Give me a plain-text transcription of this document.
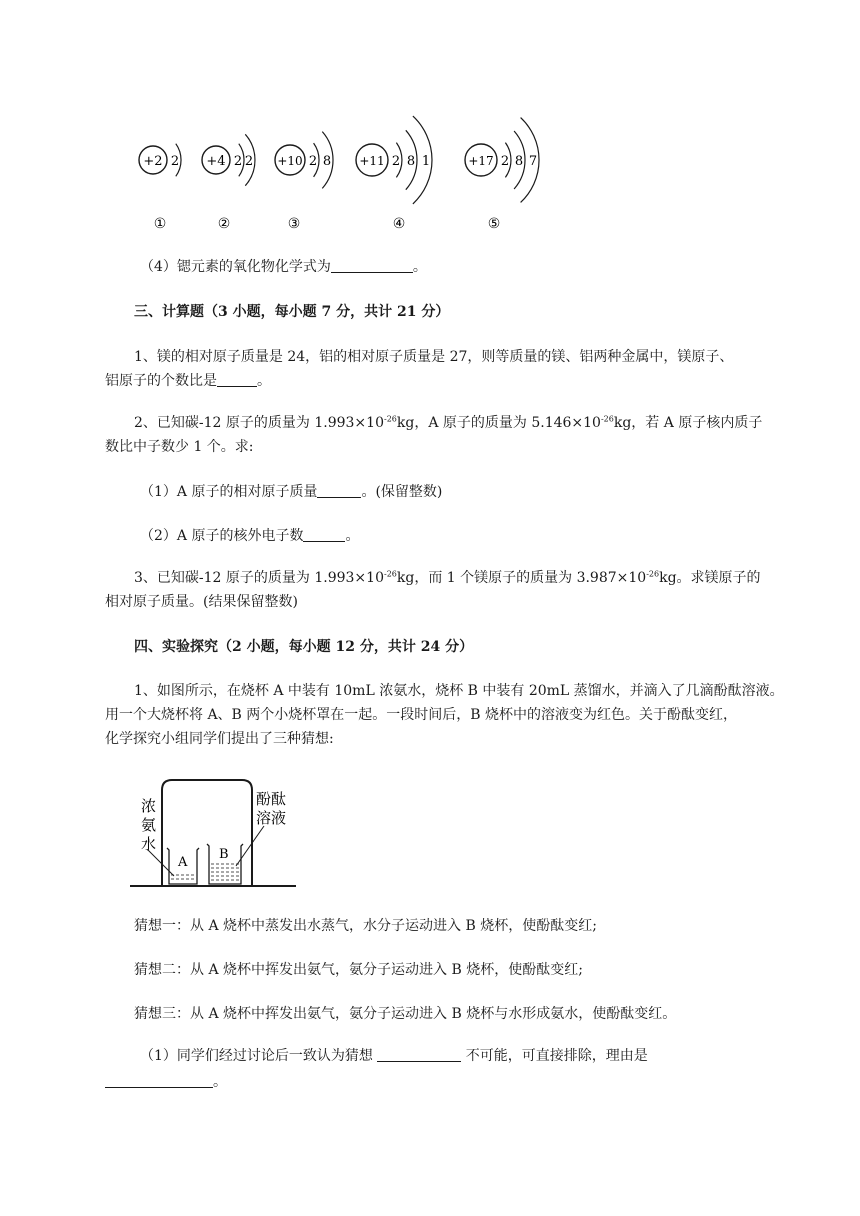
+2 2
①
+4 2 2
②
+10 2 8
③
+11 2 8 1
④
+17 2 8 7
⑤
（4）锶元素的氧化物化学式为	。
三、计算题（3 小题，每小题 7 分，共计 21 分）
1、镁的相对原子质量是 24，铝的相对原子质量是 27，则等质量的镁、铝两种金属中，镁原子、
铝原子的个数比是	。
2、已知碳-12 原子的质量为 $1.993\times 10^{-26}kg$，A 原子的质量为 $5.146\times 10^{-26}kg$，若 A 原子核内质子
数比中子数少 1 个。求:
（1）A 原子的相对原子质量	。(保留整数)
（2）A 原子的核外电子数	。
3、已知碳-12 原子的质量为 $1.993\times 10^{-26}kg$，而 1 个镁原子的质量为 $3.987\times 10^{-26}kg$。求镁原子的
相对原子质量。(结果保留整数)
四、实验探究（2 小题，每小题 12 分，共计 24 分）
1、如图所示，在烧杯 A 中装有 10mL 浓氨水，烧杯 B 中装有 20mL 蒸馏水，并滴入了几滴酚酞溶液。
用一个大烧杯将 A、B 两个小烧杯罩在一起。一段时间后，B 烧杯中的溶液变为红色。关于酚酞变红，
化学探究小组同学们提出了三种猜想:
浓
氨
水
酚酞
溶液
A
B
猜想一：从 A 烧杯中蒸发出水蒸气，水分子运动进入 B 烧杯，使酚酞变红;
猜想二：从 A 烧杯中挥发出氨气，氨分子运动进入 B 烧杯，使酚酞变红;
猜想三：从 A 烧杯中挥发出氨气，氨分子运动进入 B 烧杯与水形成氨水，使酚酞变红。
（1）同学们经过讨论后一致认为猜想	不可能，可直接排除，理由是
。
